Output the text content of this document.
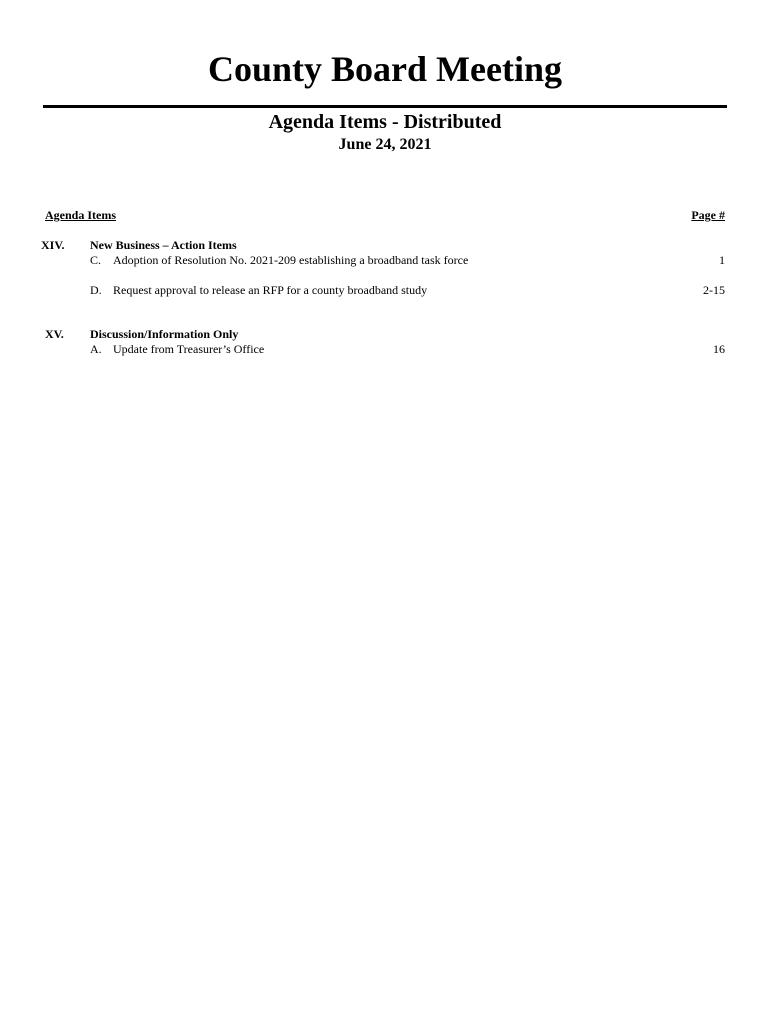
County Board Meeting
Agenda Items - Distributed
June 24, 2021
Agenda Items	Page #
XIV. New Business – Action Items
C. Adoption of Resolution No. 2021-209 establishing a broadband task force	1
D. Request approval to release an RFP for a county broadband study	2-15
XV. Discussion/Information Only
A. Update from Treasurer’s Office	16
